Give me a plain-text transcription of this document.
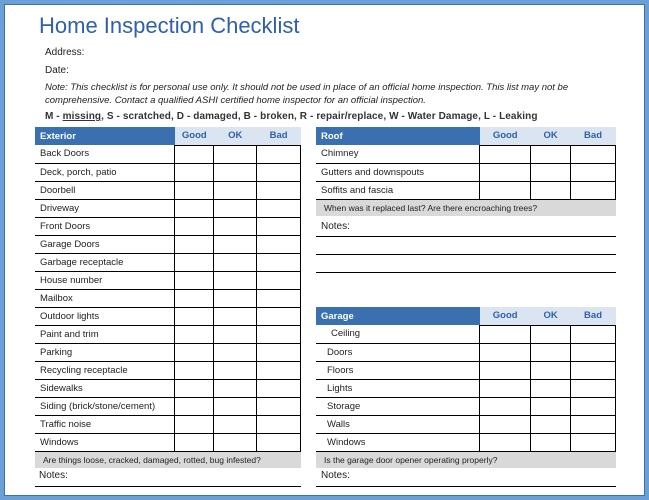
Home Inspection Checklist
Address:
Date:
Note: This checklist is for personal use only. It should not be used in place of an official home inspection. This list may not be comprehensive. Contact a qualified ASHI certified home inspector for an official inspection.
M - missing, S - scratched, D - damaged, B - broken, R - repair/replace, W - Water Damage, L - Leaking
Exterior	Good	OK	Bad
Back Doors			
Deck, porch, patio			
Doorbell			
Driveway			
Front Doors			
Garage Doors			
Garbage receptacle			
House number			
Mailbox			
Outdoor lights			
Paint and trim			
Parking			
Recycling receptacle			
Sidewalks			
Siding (brick/stone/cement)			
Traffic noise			
Windows			
Are things loose, cracked, damaged, rotted, bug infested?			
Notes:
Roof	Good	OK	Bad
Chimney			
Gutters and downspouts			
Soffits and fascia			
When was it replaced last? Are there encroaching trees?			
Notes:
Garage	Good	OK	Bad
Ceiling			
Doors			
Floors			
Lights			
Storage			
Walls			
Windows			
Is the garage door opener operating properly?			
Notes:
